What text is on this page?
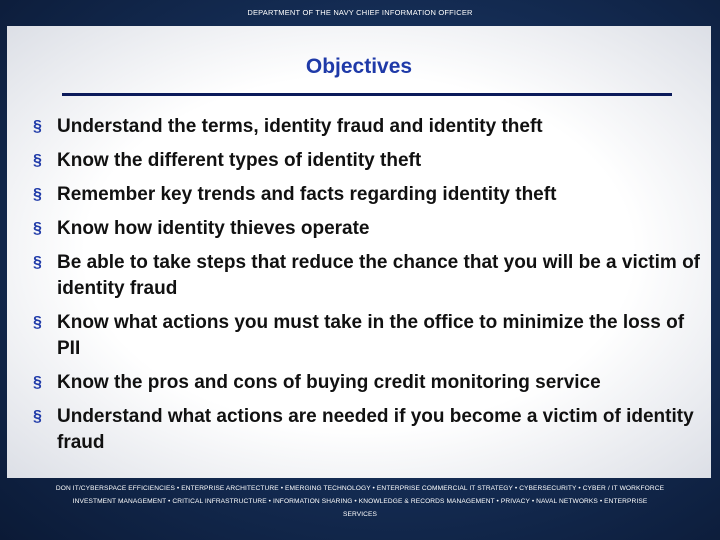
DEPARTMENT OF THE NAVY CHIEF INFORMATION OFFICER
Objectives
§ Understand the terms, identity fraud and identity theft
§ Know the different types of identity theft
§ Remember key trends and facts regarding identity theft
§ Know how identity thieves operate
§ Be able to take steps that reduce the chance that you will be a victim of identity fraud
§ Know what actions you must take in the office to minimize the loss of PII
§ Know the pros and cons of buying credit monitoring service
§ Understand what actions are needed if you become a victim of identity fraud
DON IT/CYBERSPACE EFFICIENCIES • ENTERPRISE ARCHITECTURE • EMERGING TECHNOLOGY • ENTERPRISE COMMERCIAL IT STRATEGY • CYBERSECURITY • CYBER / IT WORKFORCE
INVESTMENT MANAGEMENT • CRITICAL INFRASTRUCTURE • INFORMATION SHARING • KNOWLEDGE & RECORDS MANAGEMENT • PRIVACY • NAVAL NETWORKS • ENTERPRISE
SERVICES
